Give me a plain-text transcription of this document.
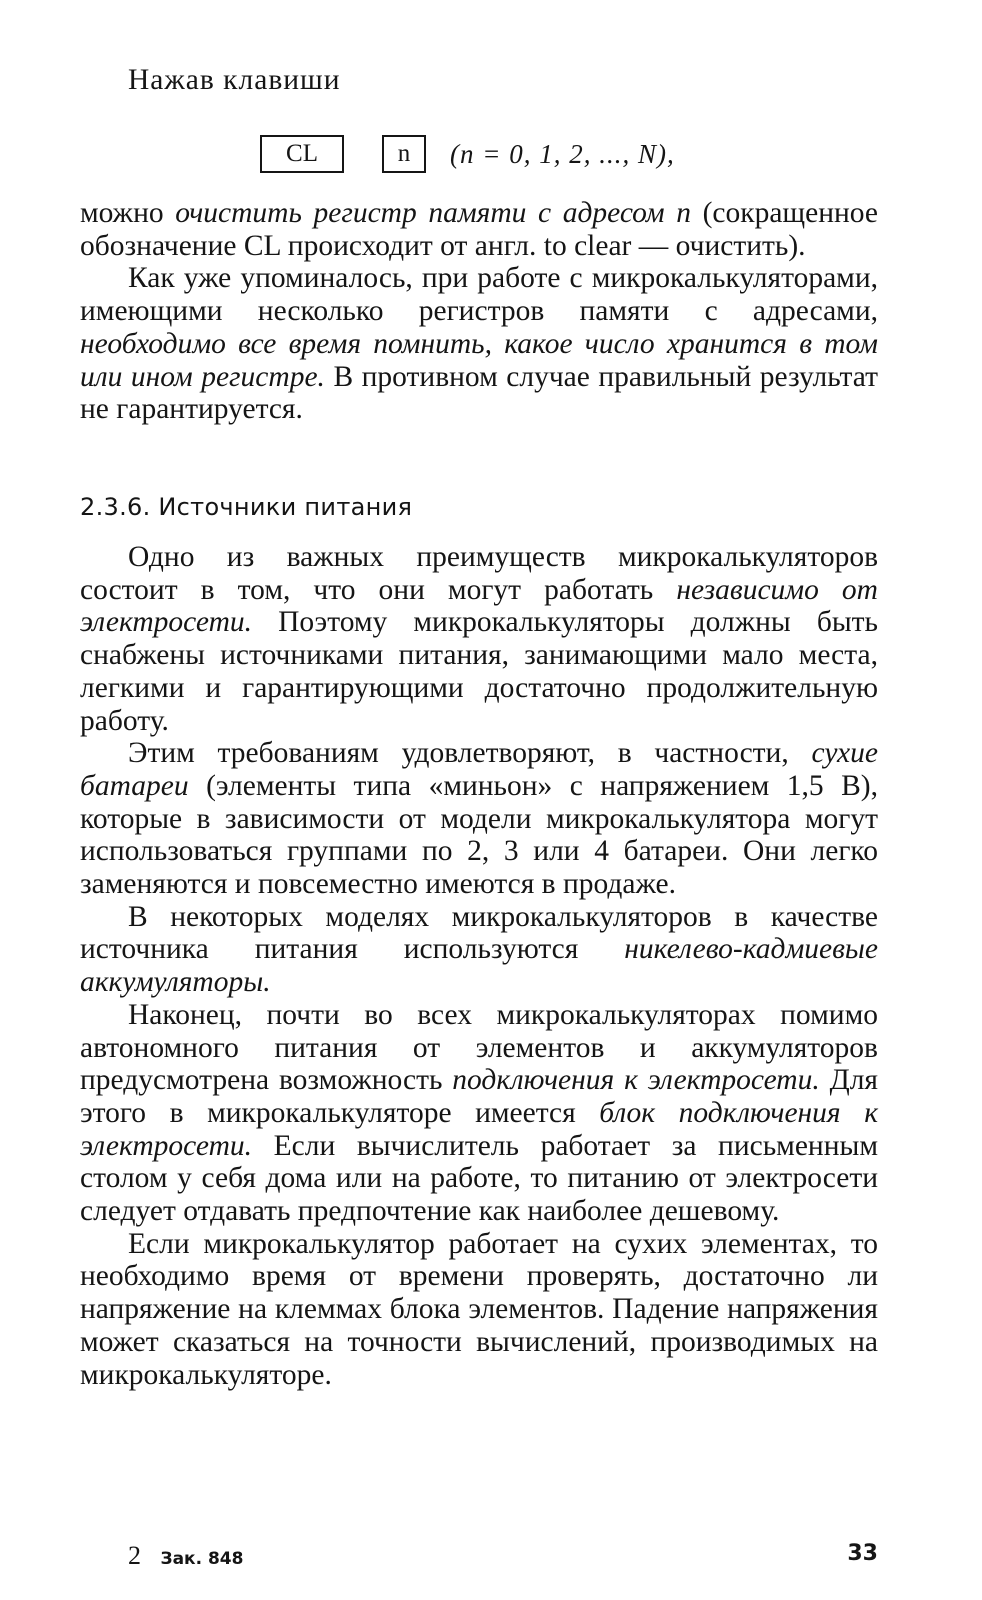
Нажав клавиши
CL	n	(n = 0, 1, 2, ..., N),

можно очистить регистр памяти с адресом n (сокращенное обозначение CL происходит от англ. to clear — очистить).

Как уже упоминалось, при работе с микрокалькуляторами, имеющими несколько регистров памяти с адресами, необходимо все время помнить, какое число хранится в том или ином регистре. В противном случае правильный результат не гарантируется.

2.3.6. Источники питания

Одно из важных преимуществ микрокалькуляторов состоит в том, что они могут работать независимо от электросети. Поэтому микрокалькуляторы должны быть снабжены источниками питания, занимающими мало места, легкими и гарантирующими достаточно продолжительную работу.

Этим требованиям удовлетворяют, в частности, сухие батареи (элементы типа «миньон» с напряжением 1,5 В), которые в зависимости от модели микрокалькулятора могут использоваться группами по 2, 3 или 4 батареи. Они легко заменяются и повсеместно имеются в продаже.

В некоторых моделях микрокалькуляторов в качестве источника питания используются никелево-кадмиевые аккумуляторы.

Наконец, почти во всех микрокалькуляторах помимо автономного питания от элементов и аккумуляторов предусмотрена возможность подключения к электросети. Для этого в микрокалькуляторе имеется блок подключения к электросети. Если вычислитель работает за письменным столом у себя дома или на работе, то питанию от электросети следует отдавать предпочтение как наиболее дешевому.

Если микрокалькулятор работает на сухих элементах, то необходимо время от времени проверять, достаточно ли напряжение на клеммах блока элементов. Падение напряжения может сказаться на точности вычислений, производимых на микрокалькуляторе.

2 Зак. 848	33
